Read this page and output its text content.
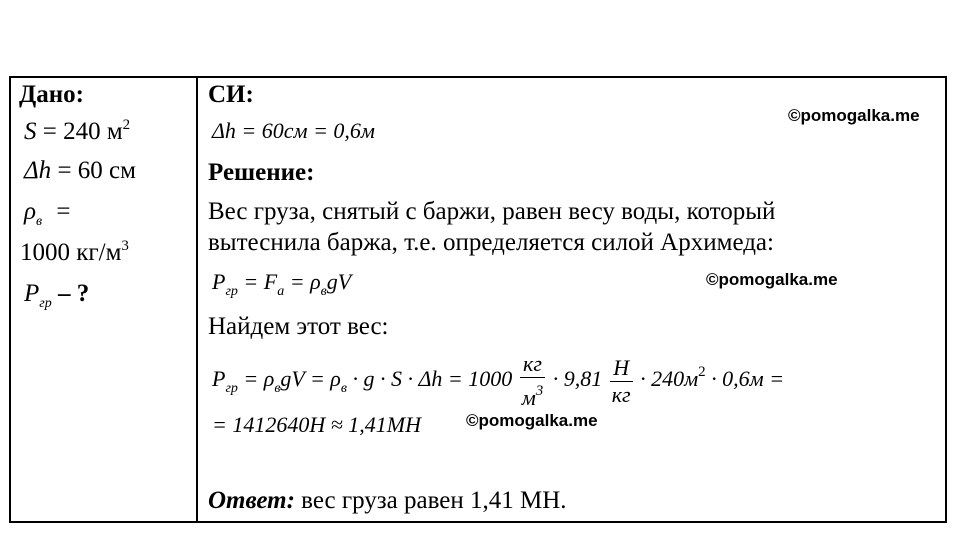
Дано:
S = 240 $м^2$
Δh = 60 см
$\rho_в$ =
1000 $кг/м^3$
$P_{гр}$ – ?
СИ:
Δh = 60см = 0,6м
©pomogalka.me
Решение:
Вес груза, снятый с баржи, равен весу воды, который
вытеснила баржа, т.е. определяется силой Архимеда:
$P_{гр} = F_a = \rho_вgV$	©pomogalka.me
Найдем этот вес:
$P_{гр} = \rho_вgV = \rho_в \cdot g \cdot S \cdot \Delta h = 1000 \frac{кг}{м^3} \cdot 9,81 \frac{Н}{кг} \cdot 240м^2 \cdot 0,6м$ =
= 1412640Н ≈ 1,41МН	©pomogalka.me
Ответ: вес груза равен 1,41 МН.
